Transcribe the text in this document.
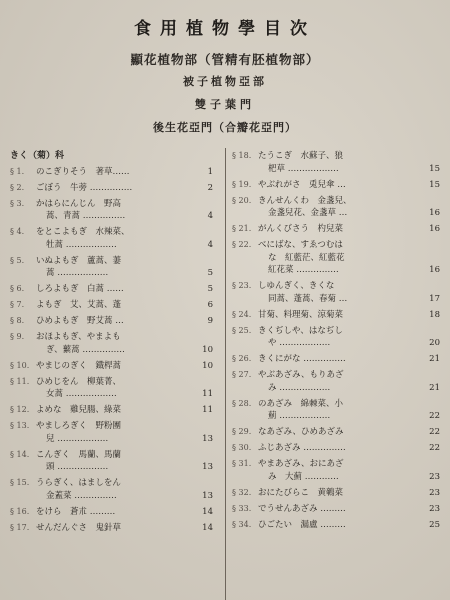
食用植物學目次
顯花植物部（管精有胚植物部）
被子植物亞部
雙子葉門
後生花亞門（合瓣花亞門）
きく（菊）科
§ 1. のこぎりそう　著草……	1
§ 2. ごぼう　牛蒡 ……………	2
§ 3. かはらにんじん　野高
蒿、青蒿 ……………	4
§ 4. をとこよもぎ　水辣菜、
牡蒿 ………………	4
§ 5. いぬよもぎ　蘆蒿、萋
蒿 ………………	5
§ 6. しろよもぎ　白蒿 ……	5
§ 7. よもぎ　艾、艾蒿、蓬	6
§ 8. ひめよもぎ　野艾蒿 …	9
§ 9. おほよもぎ、やまよも
ぎ、蘩蒿 ……………	10
§ 10. やまじのぎく　鐡桿蒿	10
§ 11. ひめじをん　柳葉菁、
女蒿 ………………	11
§ 12. よめな　雞兒腸、綠菜	11
§ 13. やましろぎく　野粉團
兒 ………………	13
§ 14. こんぎく　馬蘭、馬蘭
頭 ………………	13
§ 15. うらぎく、はましをん
金蓋菜 ……………	13
§ 16. をけら　蒼朮 ………	14
§ 17. せんだんぐさ　鬼針草	14
§ 18. たうこぎ　水蘇子、狼
杷草 ………………	15
§ 19. やぶれがさ　兎兒傘 …	15
§ 20. きんせんくわ　金盞兒、
金盞兒花、金盞草 …	16
§ 21. がんくびさう　杓兒菜	16
§ 22. べにばな、すゑつむは
な　紅藍茫、紅藍花
紅花菜 ……………	16
§ 23. しゆんぎく、きくな
同蒿、蓬蒿、春菊 …	17
§ 24. 甘菊、料理菊、涼菊菜	18
§ 25. きくぢしや、はなぢし
や ………………	20
§ 26. きくにがな ……………	21
§ 27. やぶあざみ、もりあざ
み ………………	21
§ 28. のあざみ　綿棘菜、小
薊 ………………	22
§ 29. なあざみ、ひめあざみ	22
§ 30. ふじあざみ ……………	22
§ 31. やまあざみ、おにあざ
み　大薊 …………	23
§ 32. おにたびらこ　黄鵪菜	23
§ 33. でうせんあざみ ………	23
§ 34. ひごたい　漏盧 ………	25
